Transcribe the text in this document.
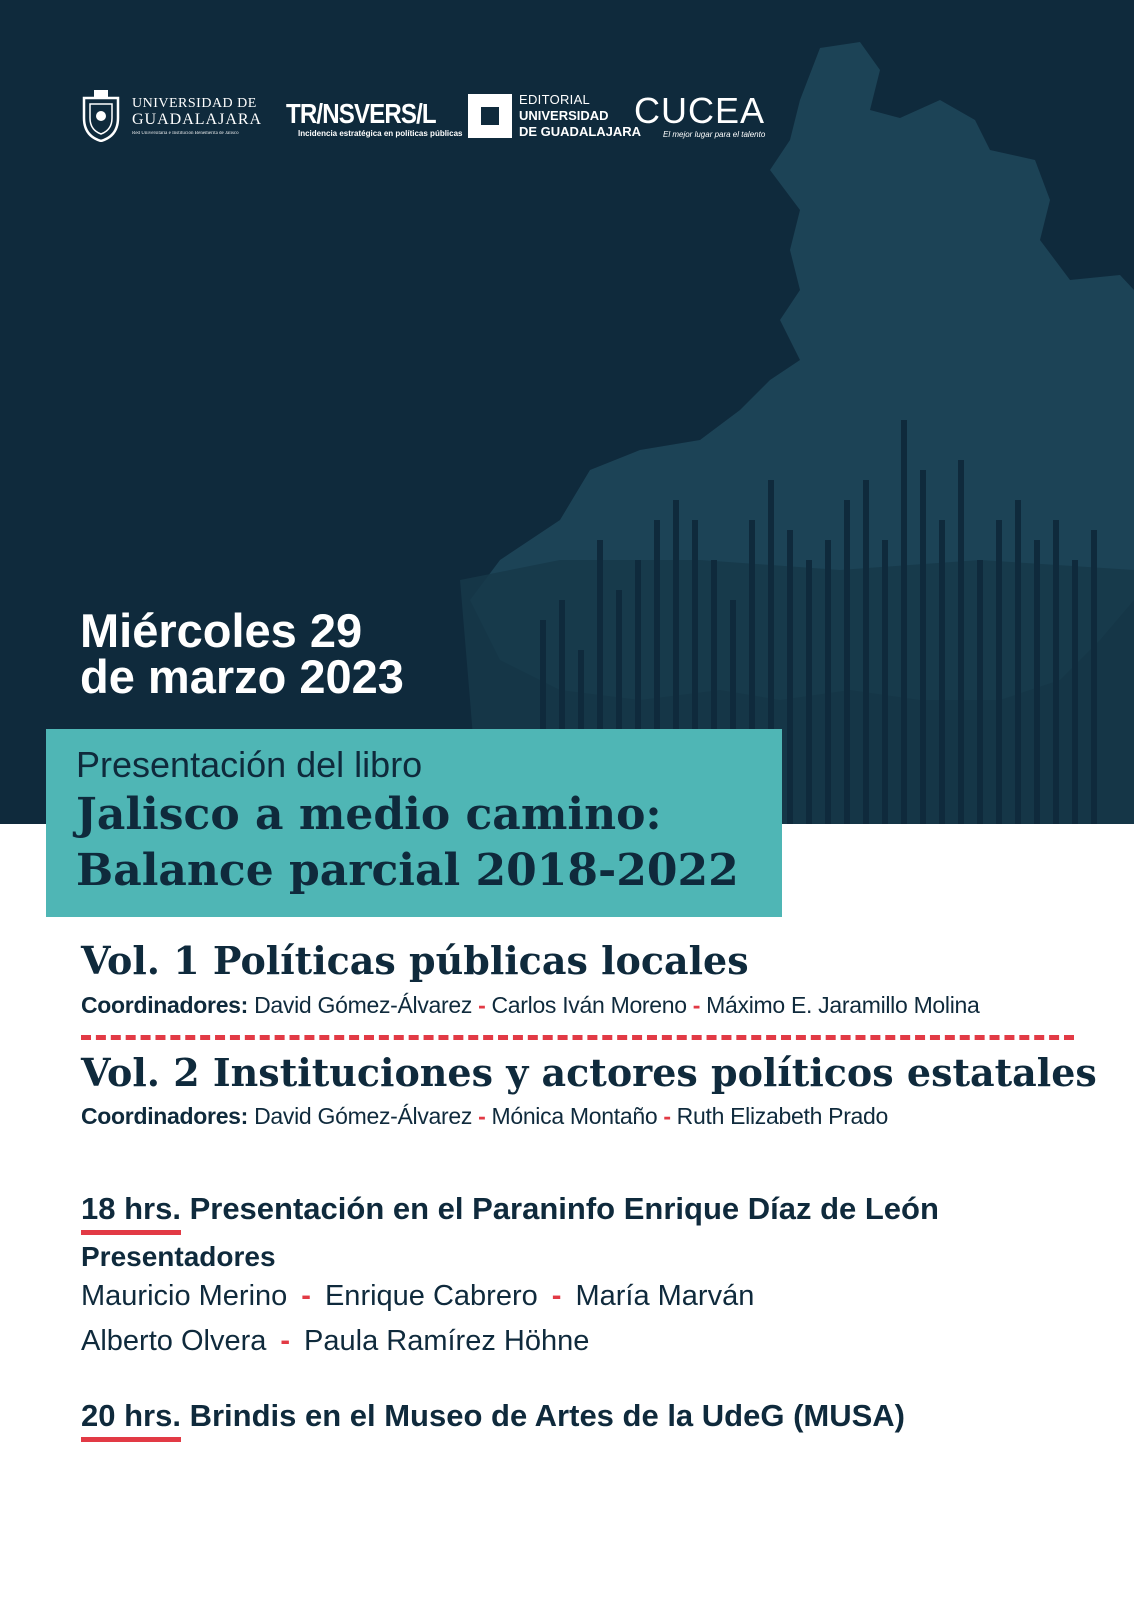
UNIVERSIDAD DE
GUADALAJARA
Red Universitaria e Institución Benemérita de Jalisco
TR/NSVERS/L
Incidencia estratégica en políticas públicas
EDITORIAL
UNIVERSIDAD
DE GUADALAJARA
CUCEA
El mejor lugar para el talento
Miércoles 29
de marzo 2023
Presentación del libro
Jalisco a medio camino:
Balance parcial 2018-2022
Vol. 1 Políticas públicas locales
Coordinadores: David Gómez-Álvarez - Carlos Iván Moreno - Máximo E. Jaramillo Molina
Vol. 2 Instituciones y actores políticos estatales
Coordinadores: David Gómez-Álvarez - Mónica Montaño - Ruth Elizabeth Prado
18 hrs. Presentación en el Paraninfo Enrique Díaz de León
Presentadores
Mauricio Merino - Enrique Cabrero - María Marván
Alberto Olvera - Paula Ramírez Höhne
20 hrs. Brindis en el Museo de Artes de la UdeG (MUSA)
